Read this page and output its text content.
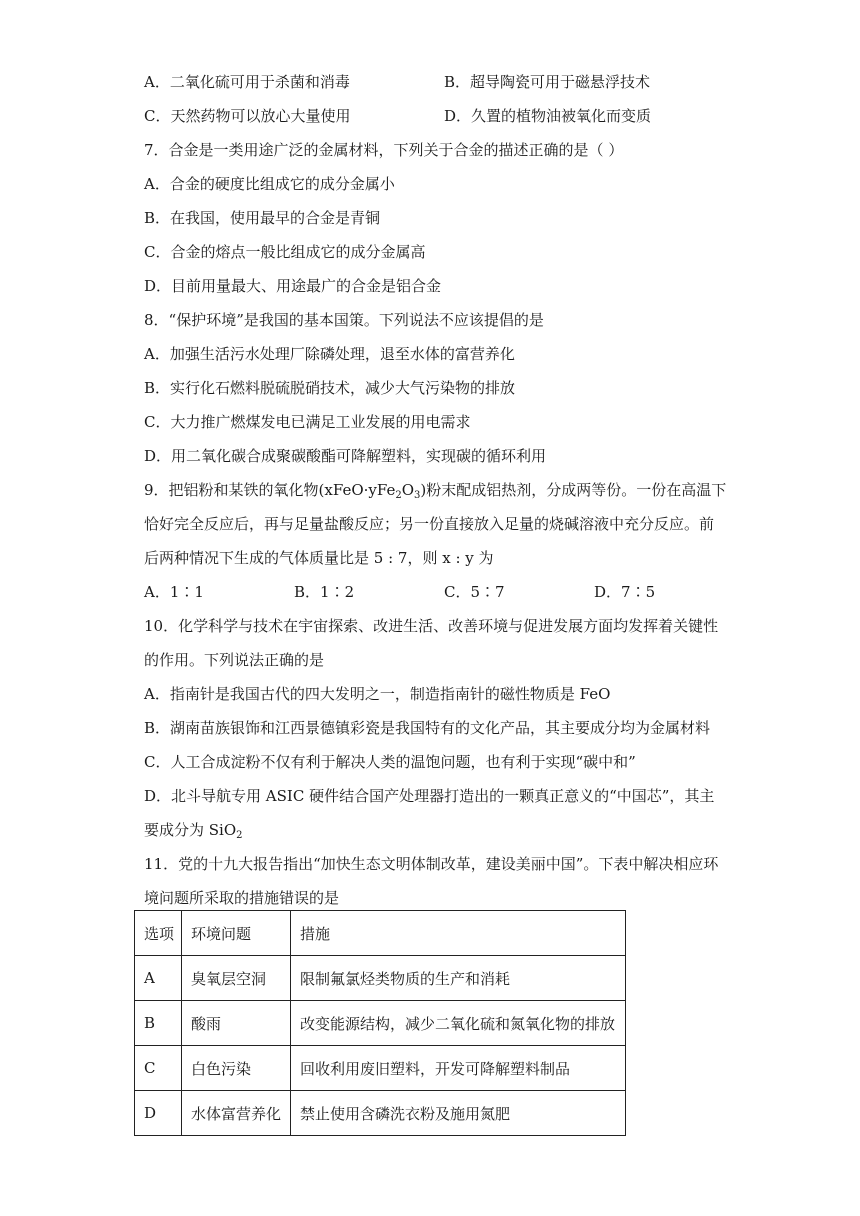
A．二氧化硫可用于杀菌和消毒	B．超导陶瓷可用于磁悬浮技术
C．天然药物可以放心大量使用	D．久置的植物油被氧化而变质
7．合金是一类用途广泛的金属材料，下列关于合金的描述正确的是（ ）
A．合金的硬度比组成它的成分金属小
B．在我国，使用最早的合金是青铜
C．合金的熔点一般比组成它的成分金属高
D．目前用量最大、用途最广的合金是铝合金
8．“保护环境”是我国的基本国策。下列说法不应该提倡的是
A．加强生活污水处理厂除磷处理，退至水体的富营养化
B．实行化石燃料脱硫脱硝技术，减少大气污染物的排放
C．大力推广燃煤发电已满足工业发展的用电需求
D．用二氧化碳合成聚碳酸酯可降解塑料，实现碳的循环利用
9．把铝粉和某铁的氧化物$(xFeO\cdot yFe_2O_3)$粉末配成铝热剂，分成两等份。一份在高温下
恰好完全反应后，再与足量盐酸反应；另一份直接放入足量的烧碱溶液中充分反应。前
后两种情况下生成的气体质量比是 5 : 7，则 x : y 为
A．1∶1	B．1∶2	C．5∶7	D．7∶5
10．化学科学与技术在宇宙探索、改进生活、改善环境与促进发展方面均发挥着关键性
的作用。下列说法正确的是
A．指南针是我国古代的四大发明之一，制造指南针的磁性物质是 FeO
B．湖南苗族银饰和江西景德镇彩瓷是我国特有的文化产品，其主要成分均为金属材料
C．人工合成淀粉不仅有利于解决人类的温饱问题，也有利于实现“碳中和”
D．北斗导航专用 ASIC 硬件结合国产处理器打造出的一颗真正意义的“中国芯”，其主
要成分为 SiO$_2$
11．党的十九大报告指出“加快生态文明体制改革，建设美丽中国”。下表中解决相应环
境问题所采取的措施错误的是
选项	环境问题	措施
A	臭氧层空洞	限制氟氯烃类物质的生产和消耗
B	酸雨	改变能源结构，减少二氧化硫和氮氧化物的排放
C	白色污染	回收利用废旧塑料，开发可降解塑料制品
D	水体富营养化	禁止使用含磷洗衣粉及施用氮肥
